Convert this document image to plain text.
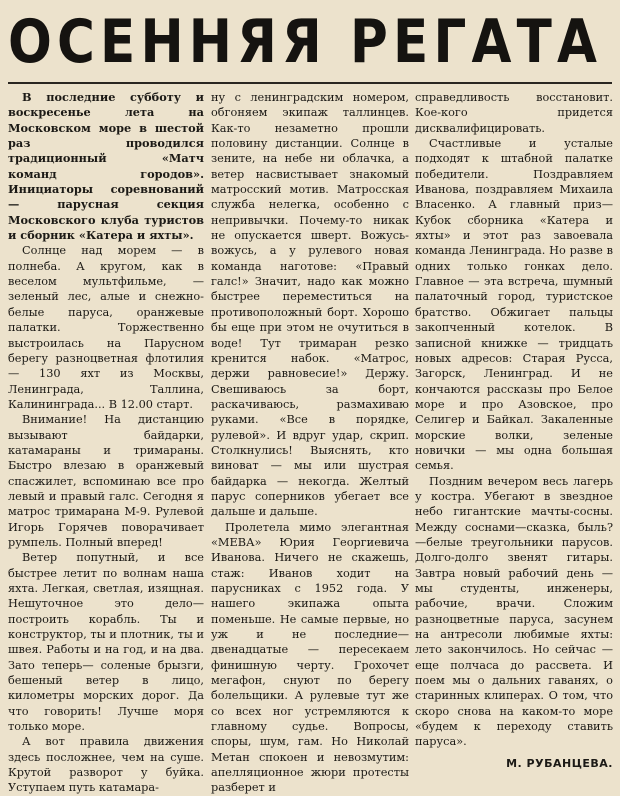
ОСЕННЯЯ РЕГАТА

В последние субботу и воскресенье лета на Московском море в шестой раз проводился традиционный «Матч команд городов». Инициаторы соревнований — парусная секция Московского клуба туристов и сборник «Катера и яхты».

Солнце над морем — в полнеба. А кругом, как в веселом мультфильме, — зеленый лес, алые и снежно-белые паруса, оранжевые палатки. Торжественно выстроилась на Парусном берегу разноцветная флотилия— 130 яхт из Москвы, Ленинграда, Таллина, Калининграда... В 12.00 старт.

Внимание! На дистанцию вызывают байдарки, катамараны и тримараны. Быстро влезаю в оранжевый спасжилет, вспоминаю все про левый и правый галс. Сегодня я матрос тримарана М-9. Рулевой Игорь Горячев поворачивает румпель. Полный вперед!

Ветер попутный, и все быстрее летит по волнам наша яхта. Легкая, светлая, изящная. Нешуточное это дело—построить корабль. Ты и конструктор, ты и плотник, ты и швея. Работы и на год, и на два. Зато теперь— соленые брызги, бешеный ветер в лицо, километры морских дорог. Да что говорить! Лучше моря только море.

А вот правила движения здесь посложнее, чем на суше. Крутой разворот у буйка. Уступаем путь катамара-

ну с ленинградским номером, обгоняем экипаж таллинцев. Как-то незаметно прошли половину дистанции. Солнце в зените, на небе ни облачка, а ветер насвистывает знакомый матросский мотив. Матросская служба нелегка, особенно с непривычки. Почему-то никак не опускается шверт. Вожусь-вожусь, а у рулевого новая команда наготове: «Правый галс!» Значит, надо как можно быстрее переместиться на противоположный борт. Хорошо бы еще при этом не очутиться в воде! Тут тримаран резко кренится набок. «Матрос, держи равновесие!» Держу. Свешиваюсь за борт, раскачиваюсь, размахиваю руками. «Все в порядке, рулевой». И вдруг удар, скрип. Столкнулись! Выяснять, кто виноват — мы или шустрая байдарка — некогда. Желтый парус соперников убегает все дальше и дальше.

Пролетела мимо элегантная «МЕВА» Юрия Георгиевича Иванова. Ничего не скажешь, стаж: Иванов ходит на парусниках с 1952 года. У нашего экипажа опыта поменьше. Не самые первые, но уж и не последние— двенадцатые — пересекаем финишную черту. Грохочет мегафон, снуют по берегу болельщики. А рулевые тут же со всех ног устремляются к главному судье. Вопросы, споры, шум, гам. Но Николай Метан спокоен и невозмутим: апелляционное жюри протесты разберет и

справедливость восстановит. Кое-кого придется дисквалифицировать.

Счастливые и усталые подходят к штабной палатке победители. Поздравляем Иванова, поздравляем Михаила Власенко. А главный приз— Кубок сборника «Катера и яхты» и этот раз завоевала команда Ленинграда. Но разве в одних только гонках дело. Главное — эта встреча, шумный палаточный город, туристское братство. Обжигает пальцы закопченный котелок. В записной книжке — тридцать новых адресов: Старая Русса, Загорск, Ленинград. И не кончаются рассказы про Белое море и про Азовское, про Селигер и Байкал. Закаленные морские волки, зеленые новички — мы одна большая семья.

Поздним вечером весь лагерь у костра. Убегают в звездное небо гигантские мачты-сосны. Между соснами—сказка, быль?—белые треугольники парусов. Долго-долго звенят гитары. Завтра новый рабочий день — мы студенты, инженеры, рабочие, врачи. Сложим разноцветные паруса, засунем на антресоли любимые яхты: лето закончилось. Но сейчас — еще полчаса до рассвета. И поем мы о дальних гаванях, о старинных клиперах. О том, что скоро снова на каком-то море «будем к переходу ставить паруса».

М. РУБАНЦЕВА.
